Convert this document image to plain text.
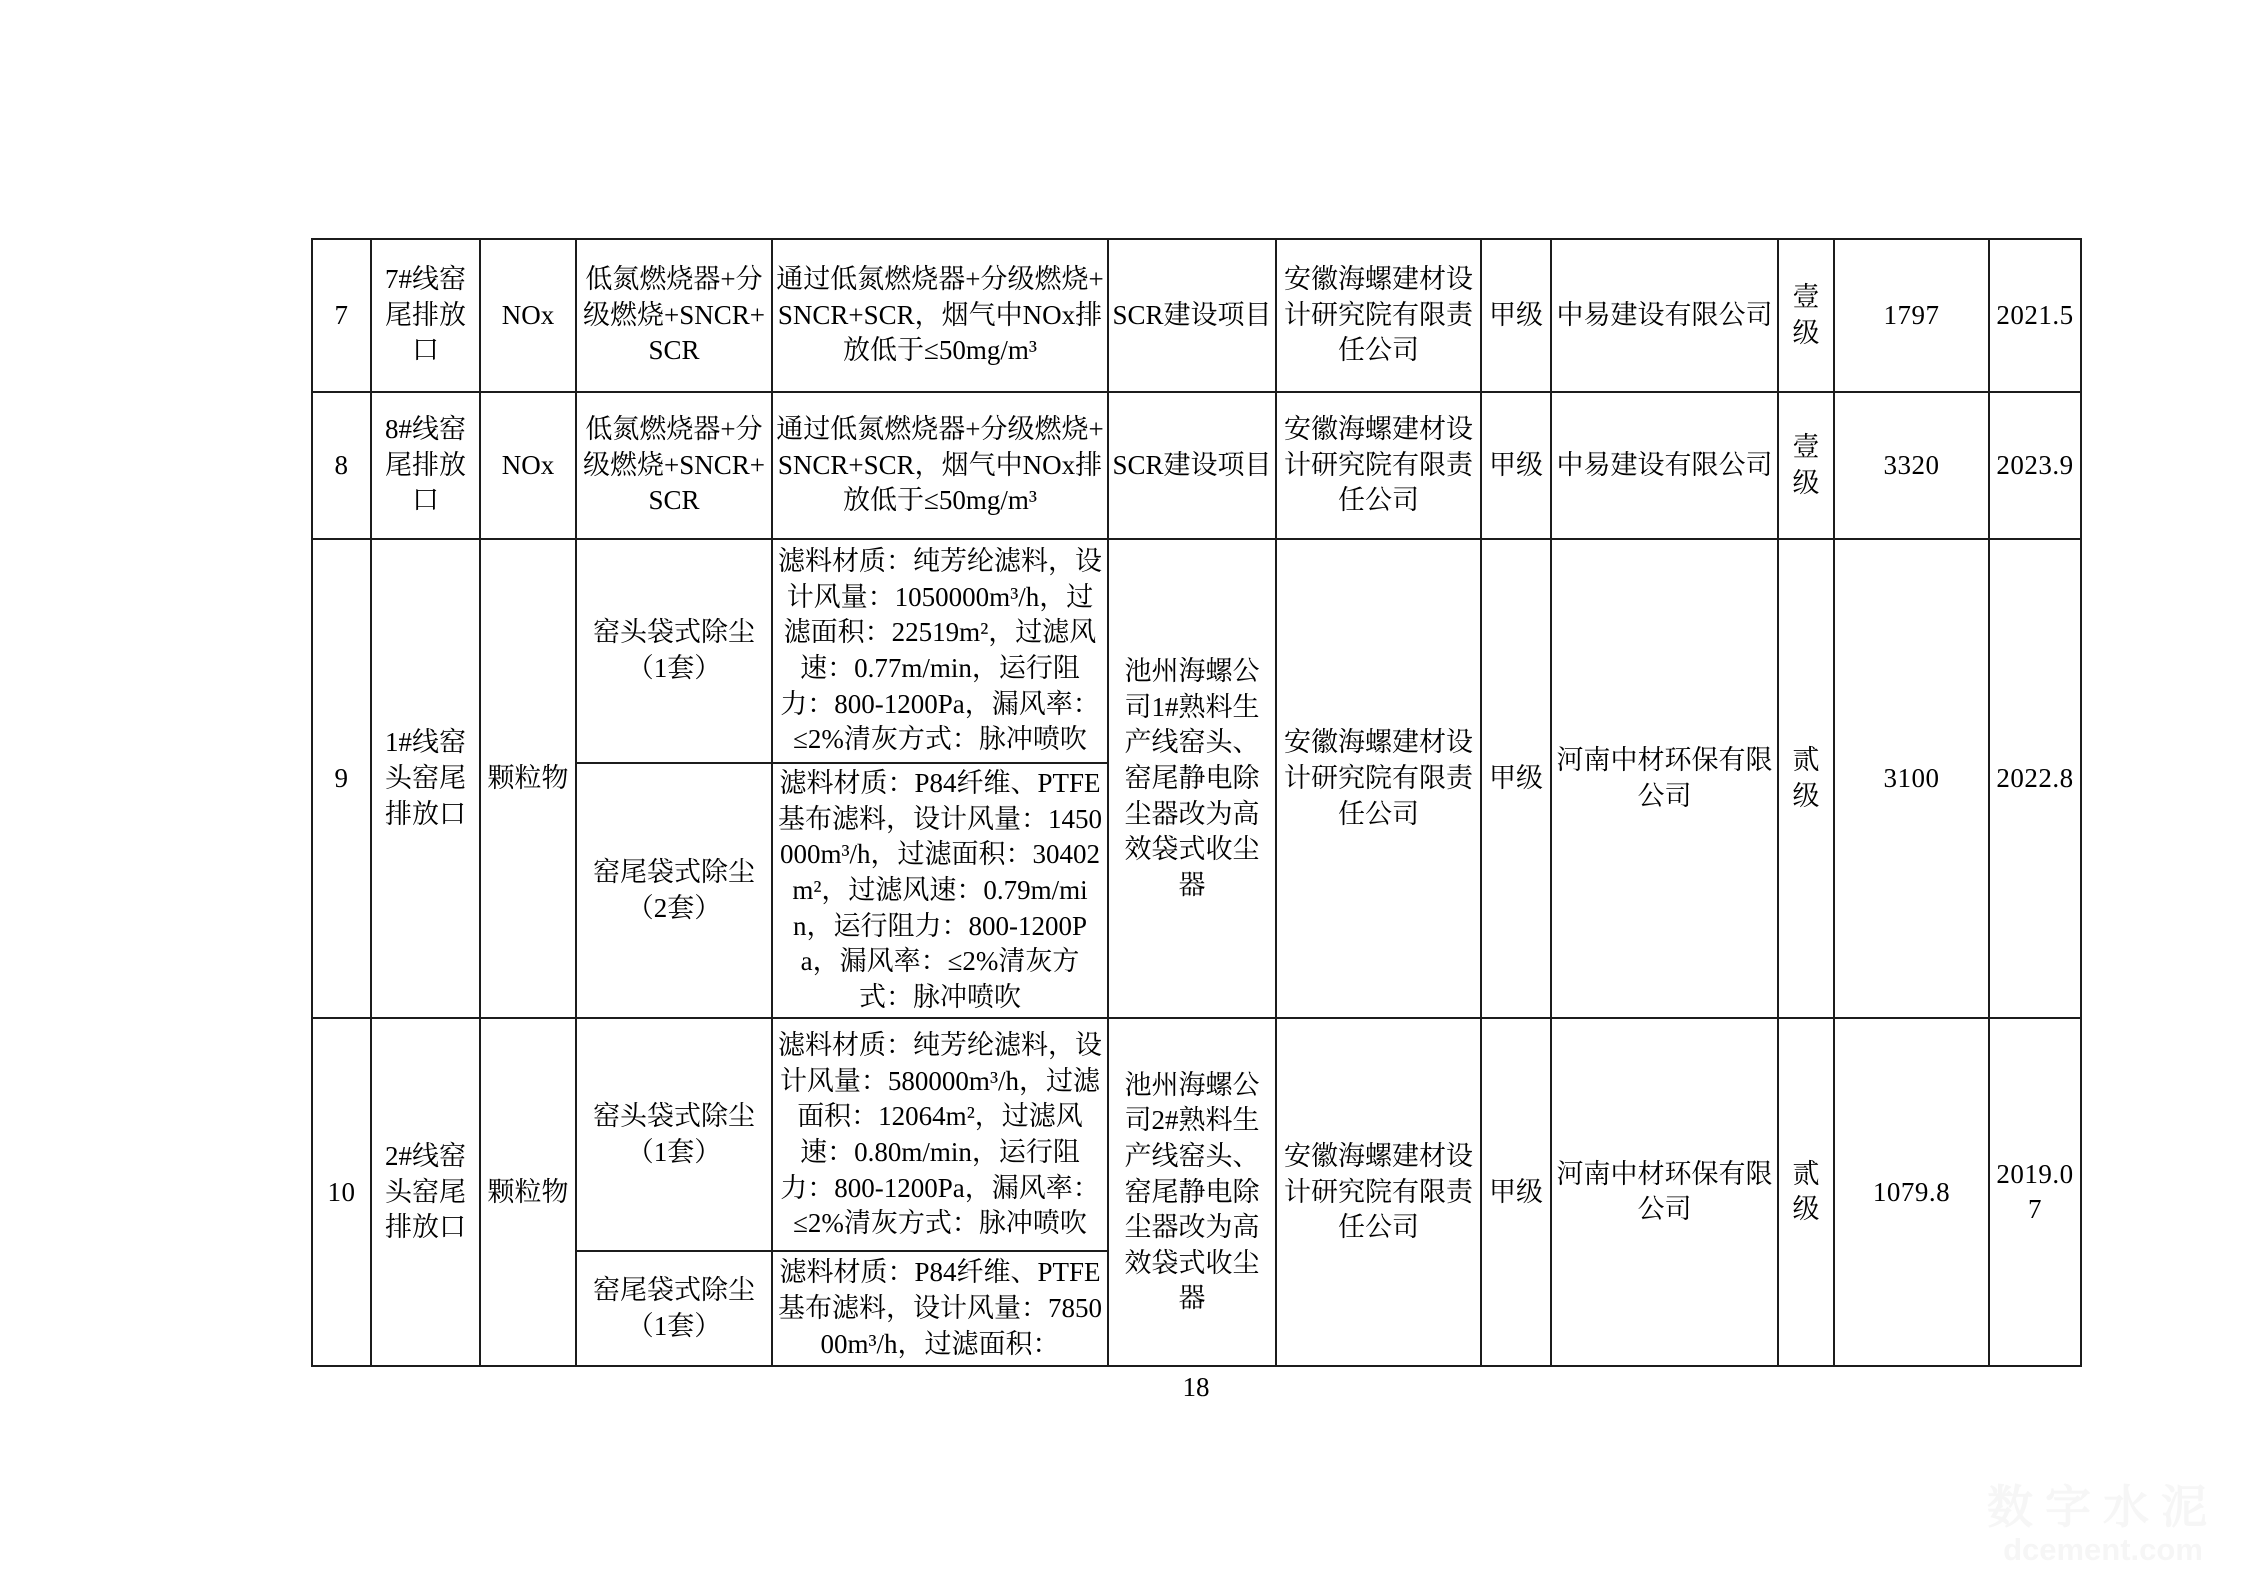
7	7#线窑尾排放口	NOx	低氮燃烧器+分级燃烧+SNCR+SCR	通过低氮燃烧器+分级燃烧+SNCR+SCR，烟气中NOx排放低于≤50mg/m³	SCR建设项目	安徽海螺建材设计研究院有限责任公司	甲级	中易建设有限公司	壹级	1797	2021.5
8	8#线窑尾排放口	NOx	低氮燃烧器+分级燃烧+SNCR+SCR	通过低氮燃烧器+分级燃烧+SNCR+SCR，烟气中NOx排放低于≤50mg/m³	SCR建设项目	安徽海螺建材设计研究院有限责任公司	甲级	中易建设有限公司	壹级	3320	2023.9
9	1#线窑头窑尾排放口	颗粒物	窑头袋式除尘（1套）	滤料材质：纯芳纶滤料，设计风量：1050000m³/h，过滤面积：22519m²，过滤风速：0.77m/min，运行阻力：800-1200Pa，漏风率：≤2%清灰方式：脉冲喷吹	池州海螺公司1#熟料生产线窑头、窑尾静电除尘器改为高效袋式收尘器	安徽海螺建材设计研究院有限责任公司	甲级	河南中材环保有限公司	贰级	3100	2022.8
			窑尾袋式除尘（2套）	滤料材质：P84纤维、PTFE基布滤料，设计风量：1450000m³/h，过滤面积：30402m²，过滤风速：0.79m/min，运行阻力：800-1200Pa，漏风率：≤2%清灰方式：脉冲喷吹							
10	2#线窑头窑尾排放口	颗粒物	窑头袋式除尘（1套）	滤料材质：纯芳纶滤料，设计风量：580000m³/h，过滤面积：12064m²，过滤风速：0.80m/min，运行阻力：800-1200Pa，漏风率：≤2%清灰方式：脉冲喷吹	池州海螺公司2#熟料生产线窑头、窑尾静电除尘器改为高效袋式收尘器	安徽海螺建材设计研究院有限责任公司	甲级	河南中材环保有限公司	贰级	1079.8	2019.07
			窑尾袋式除尘（1套）	滤料材质：P84纤维、PTFE基布滤料，设计风量：785000m³/h，过滤面积：							
18
数字水泥
dcement.com
